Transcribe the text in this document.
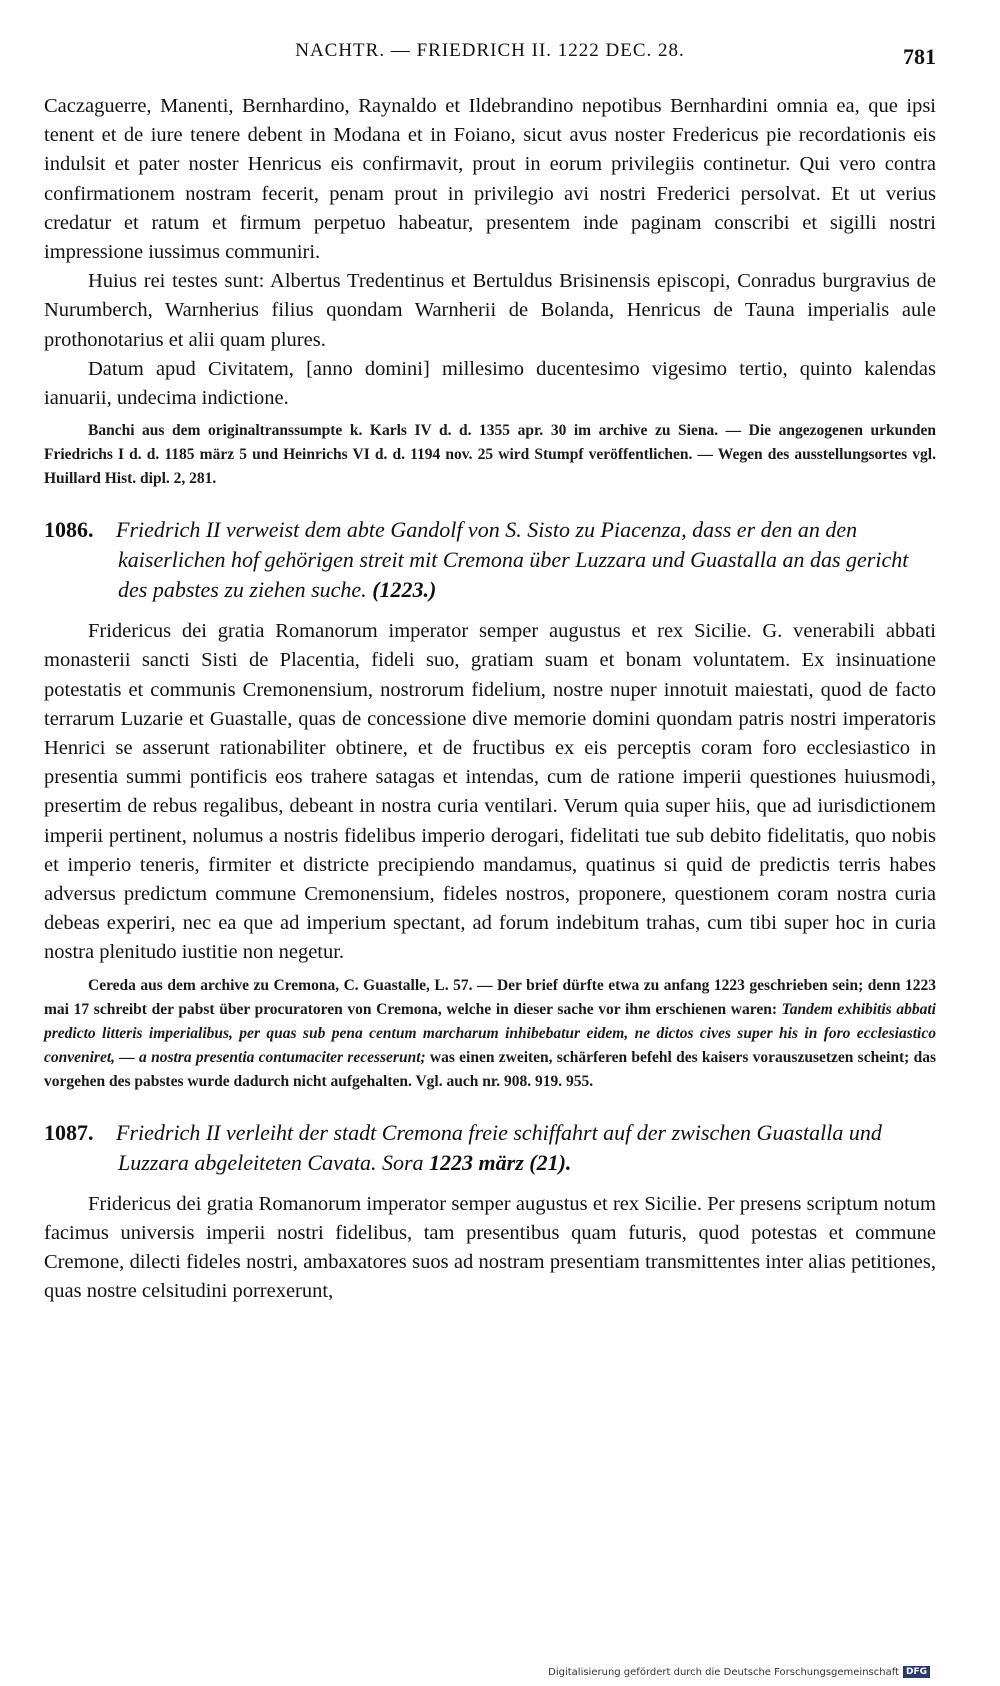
NACHTR. — FRIEDRICH II. 1222 DEC. 28.	781

Caczaguerre, Manenti, Bernhardino, Raynaldo et Ildebrandino nepotibus Bernhardini omnia ea, que ipsi tenent et de iure tenere debent in Modana et in Foiano, sicut avus noster Fredericus pie recordationis eis indulsit et pater noster Henricus eis confirmavit, prout in eorum privilegiis continetur. Qui vero contra confirmationem nostram fecerit, penam prout in privilegio avi nostri Frederici persolvat. Et ut verius credatur et ratum et firmum perpetuo habeatur, presentem inde paginam conscribi et sigilli nostri impressione iussimus communiri.

Huius rei testes sunt: Albertus Tredentinus et Bertuldus Brisinensis episcopi, Conradus burgravius de Nurumberch, Warnherius filius quondam Warnherii de Bolanda, Henricus de Tauna imperialis aule prothonotarius et alii quam plures.

Datum apud Civitatem, [anno domini] millesimo ducentesimo vigesimo tertio, quinto kalendas ianuarii, undecima indictione.

Banchi aus dem originaltranssumpte k. Karls IV d. d. 1355 apr. 30 im archive zu Siena. — Die angezogenen urkunden Friedrichs I d. d. 1185 märz 5 und Heinrichs VI d. d. 1194 nov. 25 wird Stumpf veröffentlichen. — Wegen des ausstellungsortes vgl. Huillard Hist. dipl. 2, 281.

1086. Friedrich II verweist dem abte Gandolf von S. Sisto zu Piacenza, dass er den an den kaiserlichen hof gehörigen streit mit Cremona über Luzzara und Guastalla an das gericht des pabstes zu ziehen suche. (1223.)

Fridericus dei gratia Romanorum imperator semper augustus et rex Sicilie. G. venerabili abbati monasterii sancti Sisti de Placentia, fideli suo, gratiam suam et bonam voluntatem. Ex insinuatione potestatis et communis Cremonensium, nostrorum fidelium, nostre nuper innotuit maiestati, quod de facto terrarum Luzarie et Guastalle, quas de concessione dive memorie domini quondam patris nostri imperatoris Henrici se asserunt rationabiliter obtinere, et de fructibus ex eis perceptis coram foro ecclesiastico in presentia summi pontificis eos trahere satagas et intendas, cum de ratione imperii questiones huiusmodi, presertim de rebus regalibus, debeant in nostra curia ventilari. Verum quia super hiis, que ad iurisdictionem imperii pertinent, nolumus a nostris fidelibus imperio derogari, fidelitati tue sub debito fidelitatis, quo nobis et imperio teneris, firmiter et districte precipiendo mandamus, quatinus si quid de predictis terris habes adversus predictum commune Cremonensium, fideles nostros, proponere, questionem coram nostra curia debeas experiri, nec ea que ad imperium spectant, ad forum indebitum trahas, cum tibi super hoc in curia nostra plenitudo iustitie non negetur.

Cereda aus dem archive zu Cremona, C. Guastalle, L. 57. — Der brief dürfte etwa zu anfang 1223 geschrieben sein; denn 1223 mai 17 schreibt der pabst über procuratoren von Cremona, welche in dieser sache vor ihm erschienen waren: Tandem exhibitis abbati predicto litteris imperialibus, per quas sub pena centum marcharum inhibebatur eidem, ne dictos cives super his in foro ecclesiastico conveniret, — a nostra presentia contumaciter recesserunt; was einen zweiten, schärferen befehl des kaisers vorauszusetzen scheint; das vorgehen des pabstes wurde dadurch nicht aufgehalten. Vgl. auch nr. 908. 919. 955.

1087. Friedrich II verleiht der stadt Cremona freie schiffahrt auf der zwischen Guastalla und Luzzara abgeleiteten Cavata. Sora 1223 märz (21).

Fridericus dei gratia Romanorum imperator semper augustus et rex Sicilie. Per presens scriptum notum facimus universis imperii nostri fidelibus, tam presentibus quam futuris, quod potestas et commune Cremone, dilecti fideles nostri, ambaxatores suos ad nostram presentiam transmittentes inter alias petitiones, quas nostre celsitudini porrexerunt,

Digitalisierung gefördert durch die Deutsche Forschungsgemeinschaft DFG
